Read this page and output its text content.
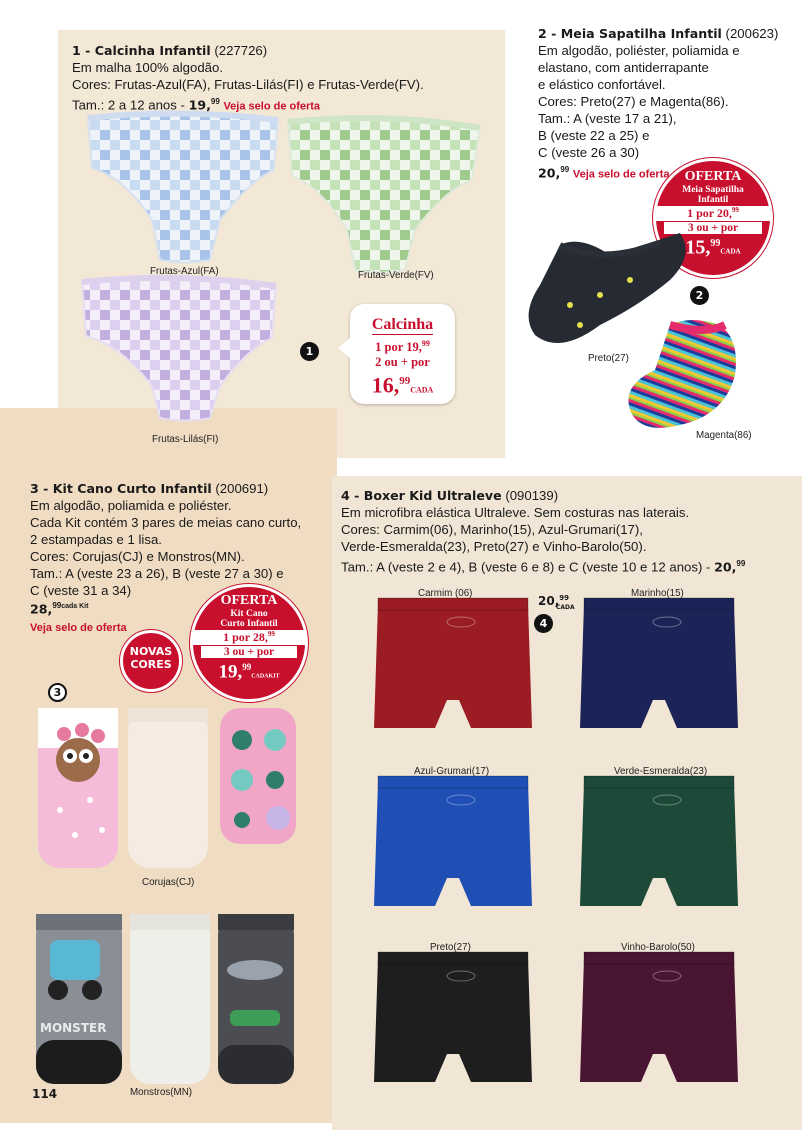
1 - Calcinha Infantil (227726)
Em malha 100% algodão.
Cores: Frutas-Azul(FA), Frutas-Lilás(FI) e Frutas-Verde(FV).
Tam.: 2 a 12 anos - 19,99 Veja selo de oferta
Frutas-Azul(FA)	Frutas-Verde(FV)
Frutas-Lilás(FI)
1
Calcinha
1 por 19,99
2 ou + por
16,99CADA
2 - Meia Sapatilha Infantil (200623)
Em algodão, poliéster, poliamida e
elastano, com antiderrapante
e elástico confortável.
Cores: Preto(27) e Magenta(86).
Tam.: A (veste 17 a 21),
B (veste 22 a 25) e
C (veste 26 a 30)
20,99 Veja selo de oferta	OFERTA
Meia Sapatilha
Infantil
1 por 20,99
3 ou + por
15,99CADA
Preto(27)
Magenta(86)
2
3 - Kit Cano Curto Infantil (200691)
Em algodão, poliamida e poliéster.
Cada Kit contém 3 pares de meias cano curto,
2 estampadas e 1 lisa.
Cores: Corujas(CJ) e Monstros(MN).
Tam.: A (veste 23 a 26), B (veste 27 a 30) e
C (veste 31 a 34)
28,$^{99cada Kit}$
Veja selo de oferta
NOVAS
CORES
OFERTA
Kit Cano
Curto Infantil
1 por 28,99
3 ou + por
19,99CADAKIT
3
MONSTER
Corujas(CJ)
Monstros(MN)
4 - Boxer Kid Ultraleve (090139)
Em microfibra elástica Ultraleve. Sem costuras nas laterais.
Cores: Carmim(06), Marinho(15), Azul-Grumari(17),
Verde-Esmeralda(23), Preto(27) e Vinho-Barolo(50).
Tam.: A (veste 2 e 4), B (veste 6 e 8) e C (veste 10 e 12 anos) - 20,99
20,99
CADA
4
Carmim (06)	Marinho(15)
Azul-Grumari(17)	Verde-Esmeralda(23)
Preto(27)	Vinho-Barolo(50)
114
